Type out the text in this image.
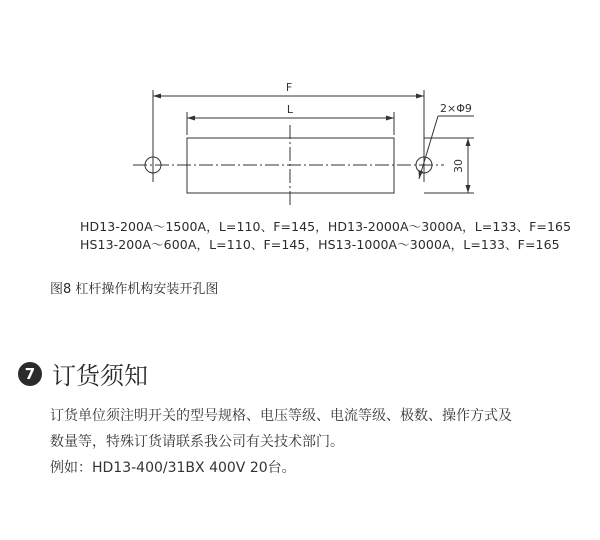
F
L	2×Φ9
30
HD13-200A～1500A，L=110、F=145，HD13-2000A～3000A，L=133、F=165
HS13-200A～600A，L=110、F=145，HS13-1000A～3000A，L=133、F=165
图8 杠杆操作机构安装开孔图
7 订货须知
订货单位须注明开关的型号规格、电压等级、电流等级、极数、操作方式及
数量等，特殊订货请联系我公司有关技术部门。
例如：HD13-400/31BX 400V 20台。
